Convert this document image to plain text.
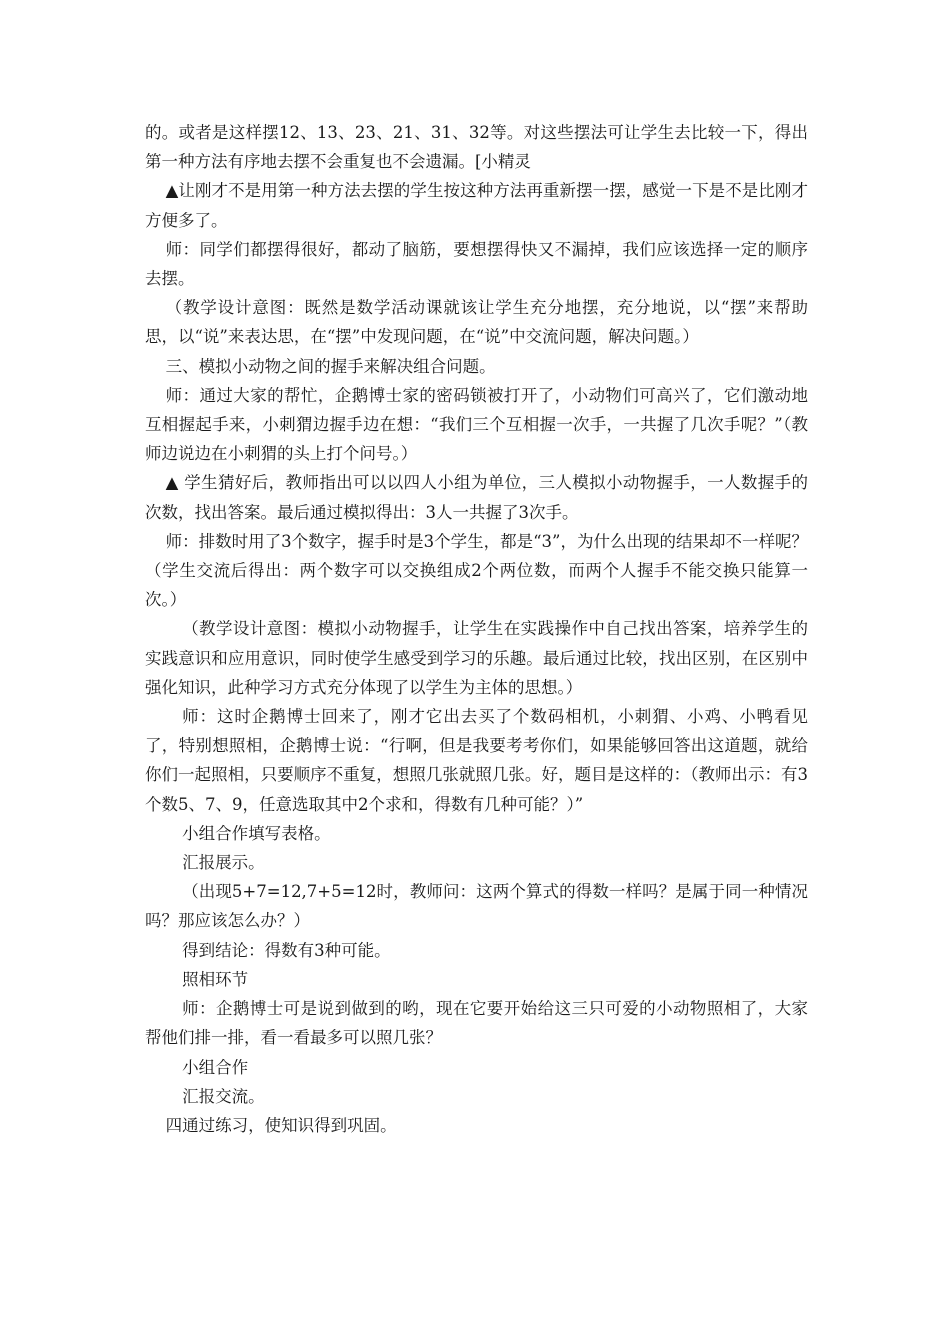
的。或者是这样摆12、13、23、21、31、32等。对这些摆法可让学生去比较一下，得出第一种方法有序地去摆不会重复也不会遗漏。[小精灵

▲让刚才不是用第一种方法去摆的学生按这种方法再重新摆一摆，感觉一下是不是比刚才方便多了。

师：同学们都摆得很好，都动了脑筋，要想摆得快又不漏掉，我们应该选择一定的顺序去摆。

（教学设计意图：既然是数学活动课就该让学生充分地摆，充分地说，以“摆”来帮助思，以“说”来表达思，在“摆”中发现问题，在“说”中交流问题，解决问题。）

三、模拟小动物之间的握手来解决组合问题。

师：通过大家的帮忙，企鹅博士家的密码锁被打开了，小动物们可高兴了，它们激动地互相握起手来，小刺猬边握手边在想：“我们三个互相握一次手，一共握了几次手呢？”（教师边说边在小刺猬的头上打个问号。）

▲ 学生猜好后，教师指出可以以四人小组为单位，三人模拟小动物握手，一人数握手的次数，找出答案。最后通过模拟得出：3人一共握了3次手。

师：排数时用了3个数字，握手时是3个学生，都是“3”，为什么出现的结果却不一样呢？（学生交流后得出：两个数字可以交换组成2个两位数，而两个人握手不能交换只能算一次。）

（教学设计意图：模拟小动物握手，让学生在实践操作中自己找出答案，培养学生的实践意识和应用意识，同时使学生感受到学习的乐趣。最后通过比较，找出区别，在区别中强化知识，此种学习方式充分体现了以学生为主体的思想。）

师：这时企鹅博士回来了，刚才它出去买了个数码相机，小刺猬、小鸡、小鸭看见了，特别想照相，企鹅博士说：“行啊，但是我要考考你们，如果能够回答出这道题，就给你们一起照相，只要顺序不重复，想照几张就照几张。好，题目是这样的：（教师出示：有3个数5、7、9，任意选取其中2个求和，得数有几种可能？）”

小组合作填写表格。

汇报展示。

（出现5+7=12,7+5=12时，教师问：这两个算式的得数一样吗？是属于同一种情况吗？那应该怎么办？）

得到结论：得数有3种可能。

照相环节

师：企鹅博士可是说到做到的哟，现在它要开始给这三只可爱的小动物照相了，大家帮他们排一排，看一看最多可以照几张？

小组合作

汇报交流。

四通过练习，使知识得到巩固。
